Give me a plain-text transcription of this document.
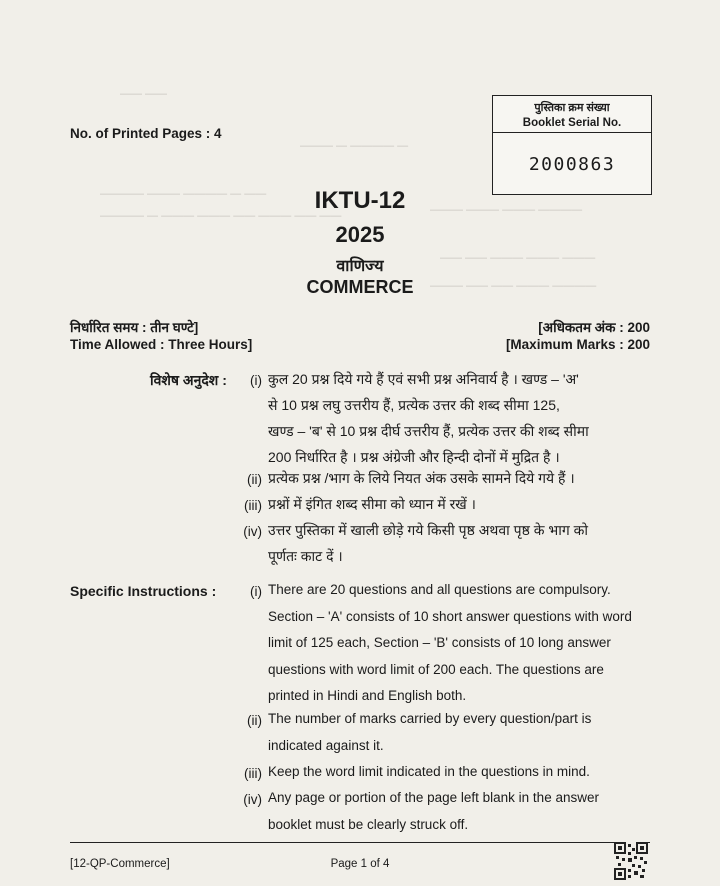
—— ——
——— — ———— —
———— ——— ———— — ——
———— — ——— ——— —— ——— —— ——	——— ——— ——— ————
—— —— ——— ——— ———
——— —— —— ——— ————
पुस्तिका क्रम संख्या
Booklet Serial No.
2000863
No. of Printed Pages : 4
IKTU-12
2025
वाणिज्य
COMMERCE
निर्धारित समय : तीन घण्टे]
Time Allowed : Three Hours]
[अधिकतम अंक : 200
[Maximum Marks : 200
विशेष अनुदेश :	(i) कुल 20 प्रश्न दिये गये हैं एवं सभी प्रश्न अनिवार्य है । खण्ड – 'अ'
से 10 प्रश्न लघु उत्तरीय हैं, प्रत्येक उत्तर की शब्द सीमा 125,
खण्ड – 'ब' से 10 प्रश्न दीर्घ उत्तरीय हैं, प्रत्येक उत्तर की शब्द सीमा
200 निर्धारित है । प्रश्न अंग्रेजी और हिन्दी दोनों में मुद्रित है ।
(ii) प्रत्येक प्रश्न /भाग के लिये नियत अंक उसके सामने दिये गये हैं ।
(iii) प्रश्नों में इंगित शब्द सीमा को ध्यान में रखें ।
(iv) उत्तर पुस्तिका में खाली छोड़े गये किसी पृष्ठ अथवा पृष्ठ के भाग को
पूर्णतः काट दें ।
Specific Instructions :	(i) There are 20 questions and all questions are compulsory.
Section – 'A' consists of 10 short answer questions with word
limit of 125 each, Section – 'B' consists of 10 long answer
questions with word limit of 200 each. The questions are
printed in Hindi and English both.
(ii) The number of marks carried by every question/part is
indicated against it.
(iii) Keep the word limit indicated in the questions in mind.
(iv) Any page or portion of the page left blank in the answer
booklet must be clearly struck off.
[12-QP-Commerce]	Page 1 of 4
